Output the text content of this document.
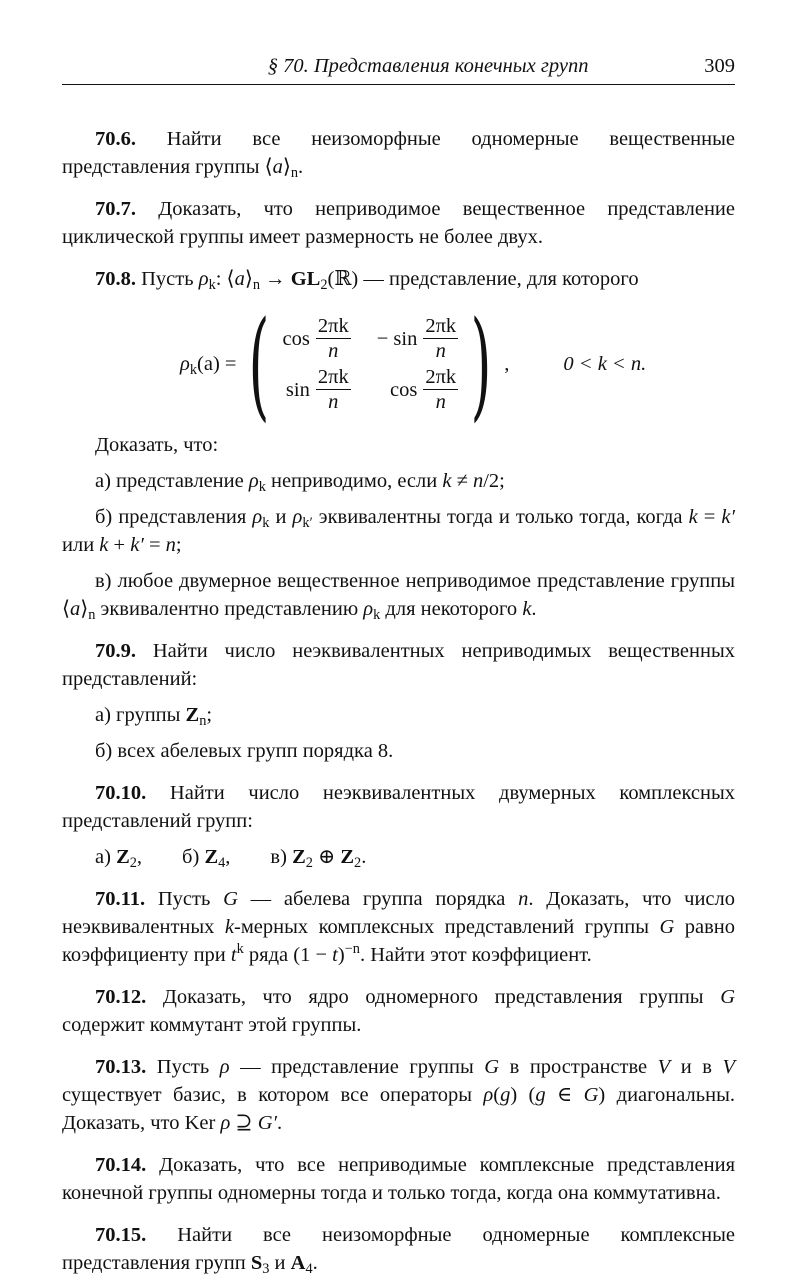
§ 70. Представления конечных групп	309

70.6. Найти все неизоморфные одномерные вещественные представления группы $⟨a⟩_n$.

70.7. Доказать, что неприводимое вещественное представление циклической группы имеет размерность не более двух.

70.8. Пусть $\rho_k$: $⟨a⟩_n$ → $GL_2(ℝ)$ — представление, для которого

$\rho_k(a)$ = ( $\cos \frac{2\pi k}{n} - \sin \frac{2\pi k}{n}$
$\sin \frac{2\pi k}{n}$ $\cos \frac{2\pi k}{n}$ ) ,	0 < k < n.

Доказать, что:

а) представление $\rho_k$ неприводимо, если k ≠ n/2;

б) представления $\rho_k$ и $\rho_{k'}$ эквивалентны тогда и только тогда, когда k = k′ или k + k′ = n;

в) любое двумерное вещественное неприводимое представление группы $⟨a⟩_n$ эквивалентно представлению $\rho_k$ для некоторого k.

70.9. Найти число неэквивалентных неприводимых вещественных представлений:

а) группы $Z_n$;

б) всех абелевых групп порядка 8.

70.10. Найти число неэквивалентных двумерных комплексных представлений групп:

а) $Z_2$, б) $Z_4$, в) $Z_2$ ⊕ $Z_2$.

70.11. Пусть G — абелева группа порядка n. Доказать, что число неэквивалентных k-мерных комплексных представлений группы G равно коэффициенту при $t^k$ ряда $(1 - t)^{-n}$. Найти этот коэффициент.

70.12. Доказать, что ядро одномерного представления группы G содержит коммутант этой группы.

70.13. Пусть ρ — представление группы G в пространстве V и в V существует базис, в котором все операторы ρ(g) (g ∈ G) диагональны. Доказать, что Ker ρ ⊇ G′.

70.14. Доказать, что все неприводимые комплексные представления конечной группы одномерны тогда и только тогда, когда она коммутативна.

70.15. Найти все неизоморфные одномерные комплексные представления групп $S_3$ и $A_4$.
